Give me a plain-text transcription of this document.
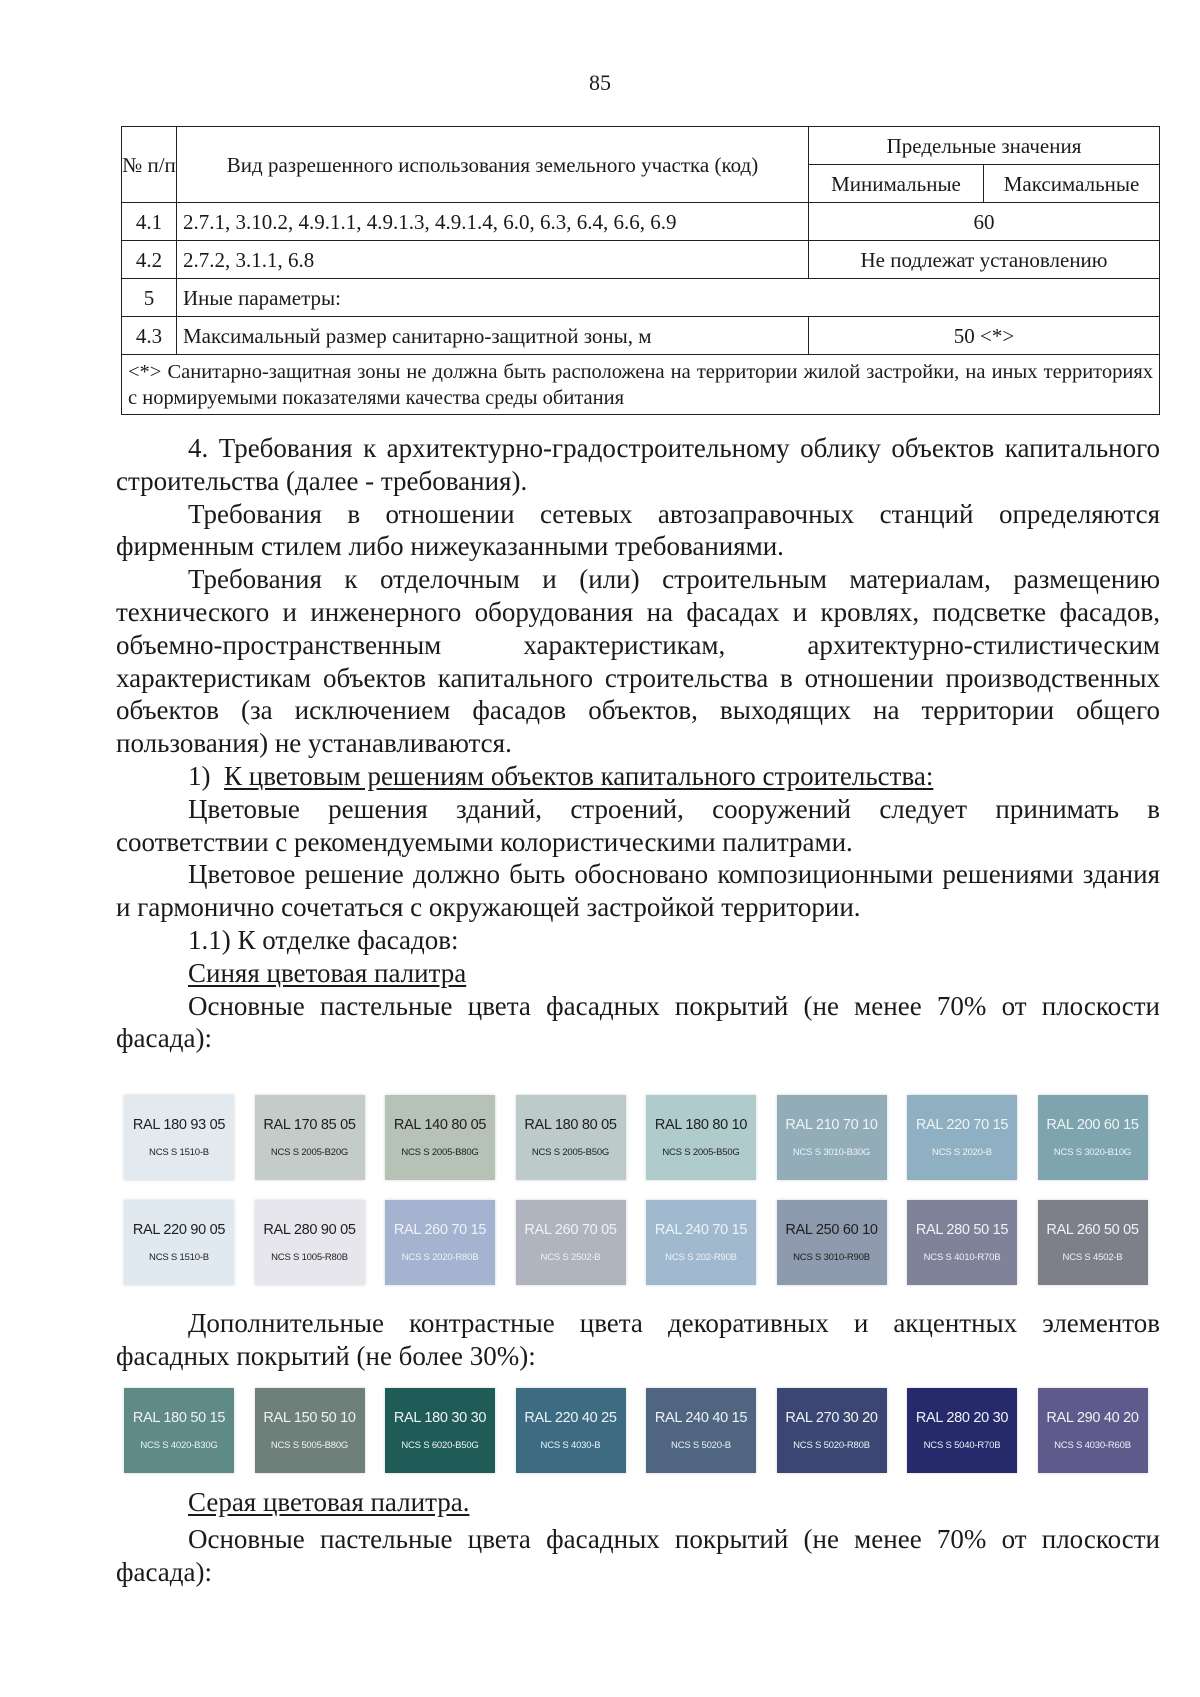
85
№ п/п	Вид разрешенного использования земельного участка (код)	Предельные значения	
		Минимальные	Максимальные
4.1	2.7.1, 3.10.2, 4.9.1.1, 4.9.1.3, 4.9.1.4, 6.0, 6.3, 6.4, 6.6, 6.9	60	
4.2	2.7.2, 3.1.1, 6.8	Не подлежат установлению	
5	Иные параметры:		
4.3	Максимальный размер санитарно-защитной зоны, м	50 <*>	
<*> Санитарно-защитная зоны не должна быть расположена на территории жилой застройки, на иных территориях с нормируемыми показателями качества среды обитания			

4. Требования к архитектурно-градостроительному облику объектов капитального строительства (далее - требования).

Требования в отношении сетевых автозаправочных станций определяются фирменным стилем либо нижеуказанными требованиями.

Требования к отделочным и (или) строительным материалам, размещению технического и инженерного оборудования на фасадах и кровлях, подсветке фасадов, объемно-пространственным характеристикам, архитектурно-стилистическим характеристикам объектов капитального строительства в отношении производственных объектов (за исключением фасадов объектов, выходящих на территории общего пользования) не устанавливаются.

1) К цветовым решениям объектов капитального строительства:

Цветовые решения зданий, строений, сооружений следует принимать в соответствии с рекомендуемыми колористическими палитрами.

Цветовое решение должно быть обосновано композиционными решениями здания и гармонично сочетаться с окружающей застройкой территории.

1.1) К отделке фасадов:

Синяя цветовая палитра

Основные пастельные цвета фасадных покрытий (не менее 70% от плоскости фасада):

RAL 180 93 05
NCS S 1510-B
RAL 170 85 05
NCS S 2005-B20G
RAL 140 80 05
NCS S 2005-B80G
RAL 180 80 05
NCS S 2005-B50G
RAL 180 80 10
NCS S 2005-B50G
RAL 210 70 10
NCS S 3010-B30G
RAL 220 70 15
NCS S 2020-B
RAL 200 60 15
NCS S 3020-B10G
RAL 220 90 05
NCS S 1510-B
RAL 280 90 05
NCS S 1005-R80B
RAL 260 70 15
NCS S 2020-R80B
RAL 260 70 05
NCS S 2502-B
RAL 240 70 15
NCS S 202-R90B
RAL 250 60 10
NCS S 3010-R90B
RAL 280 50 15
NCS S 4010-R70B
RAL 260 50 05
NCS S 4502-B

Дополнительные контрастные цвета декоративных и акцентных элементов фасадных покрытий (не более 30%):

RAL 180 50 15
NCS S 4020-B30G
RAL 150 50 10
NCS S 5005-B80G
RAL 180 30 30
NCS S 6020-B50G
RAL 220 40 25
NCS S 4030-B
RAL 240 40 15
NCS S 5020-B
RAL 270 30 20
NCS S 5020-R80B
RAL 280 20 30
NCS S 5040-R70B
RAL 290 40 20
NCS S 4030-R60B

Серая цветовая палитра.

Основные пастельные цвета фасадных покрытий (не менее 70% от плоскости фасада):
